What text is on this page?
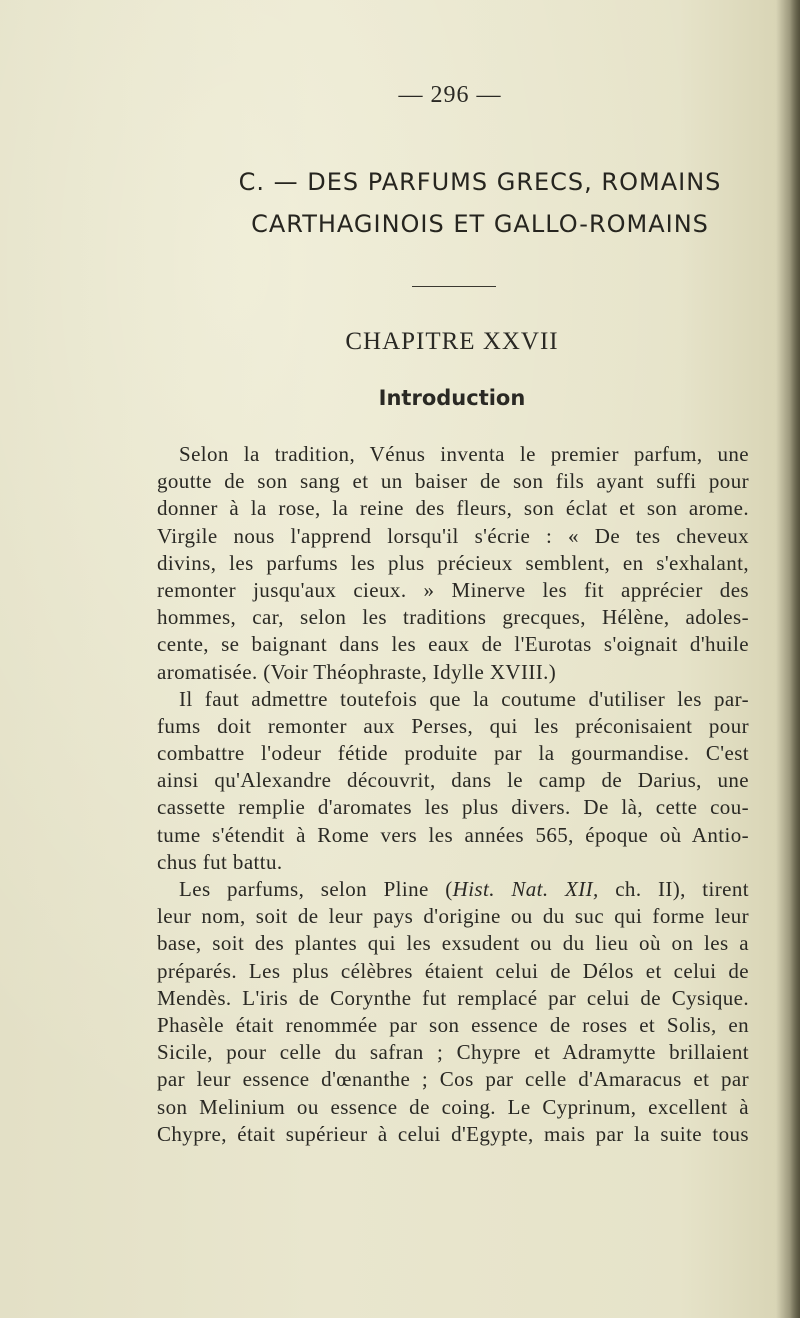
— 296 —
C. — DES PARFUMS GRECS, ROMAINS
CARTHAGINOIS ET GALLO-ROMAINS
CHAPITRE XXVII
Introduction
Selon la tradition, Vénus inventa le premier parfum, une
goutte de son sang et un baiser de son fils ayant suffi pour
donner à la rose, la reine des fleurs, son éclat et son arome.
Virgile nous l'apprend lorsqu'il s'écrie : « De tes cheveux
divins, les parfums les plus précieux semblent, en s'exhalant,
remonter jusqu'aux cieux. » Minerve les fit apprécier des
hommes, car, selon les traditions grecques, Hélène, adoles-
cente, se baignant dans les eaux de l'Eurotas s'oignait d'huile
aromatisée. (Voir Théophraste, Idylle XVIII.)
Il faut admettre toutefois que la coutume d'utiliser les par-
fums doit remonter aux Perses, qui les préconisaient pour
combattre l'odeur fétide produite par la gourmandise. C'est
ainsi qu'Alexandre découvrit, dans le camp de Darius, une
cassette remplie d'aromates les plus divers. De là, cette cou-
tume s'étendit à Rome vers les années 565, époque où Antio-
chus fut battu.
Les parfums, selon Pline (Hist. Nat. XII, ch. II), tirent
leur nom, soit de leur pays d'origine ou du suc qui forme leur
base, soit des plantes qui les exsudent ou du lieu où on les a
préparés. Les plus célèbres étaient celui de Délos et celui de
Mendès. L'iris de Corynthe fut remplacé par celui de Cysique.
Phasèle était renommée par son essence de roses et Solis, en
Sicile, pour celle du safran ; Chypre et Adramytte brillaient
par leur essence d'œnanthe ; Cos par celle d'Amaracus et par
son Melinium ou essence de coing. Le Cyprinum, excellent à
Chypre, était supérieur à celui d'Egypte, mais par la suite tous
